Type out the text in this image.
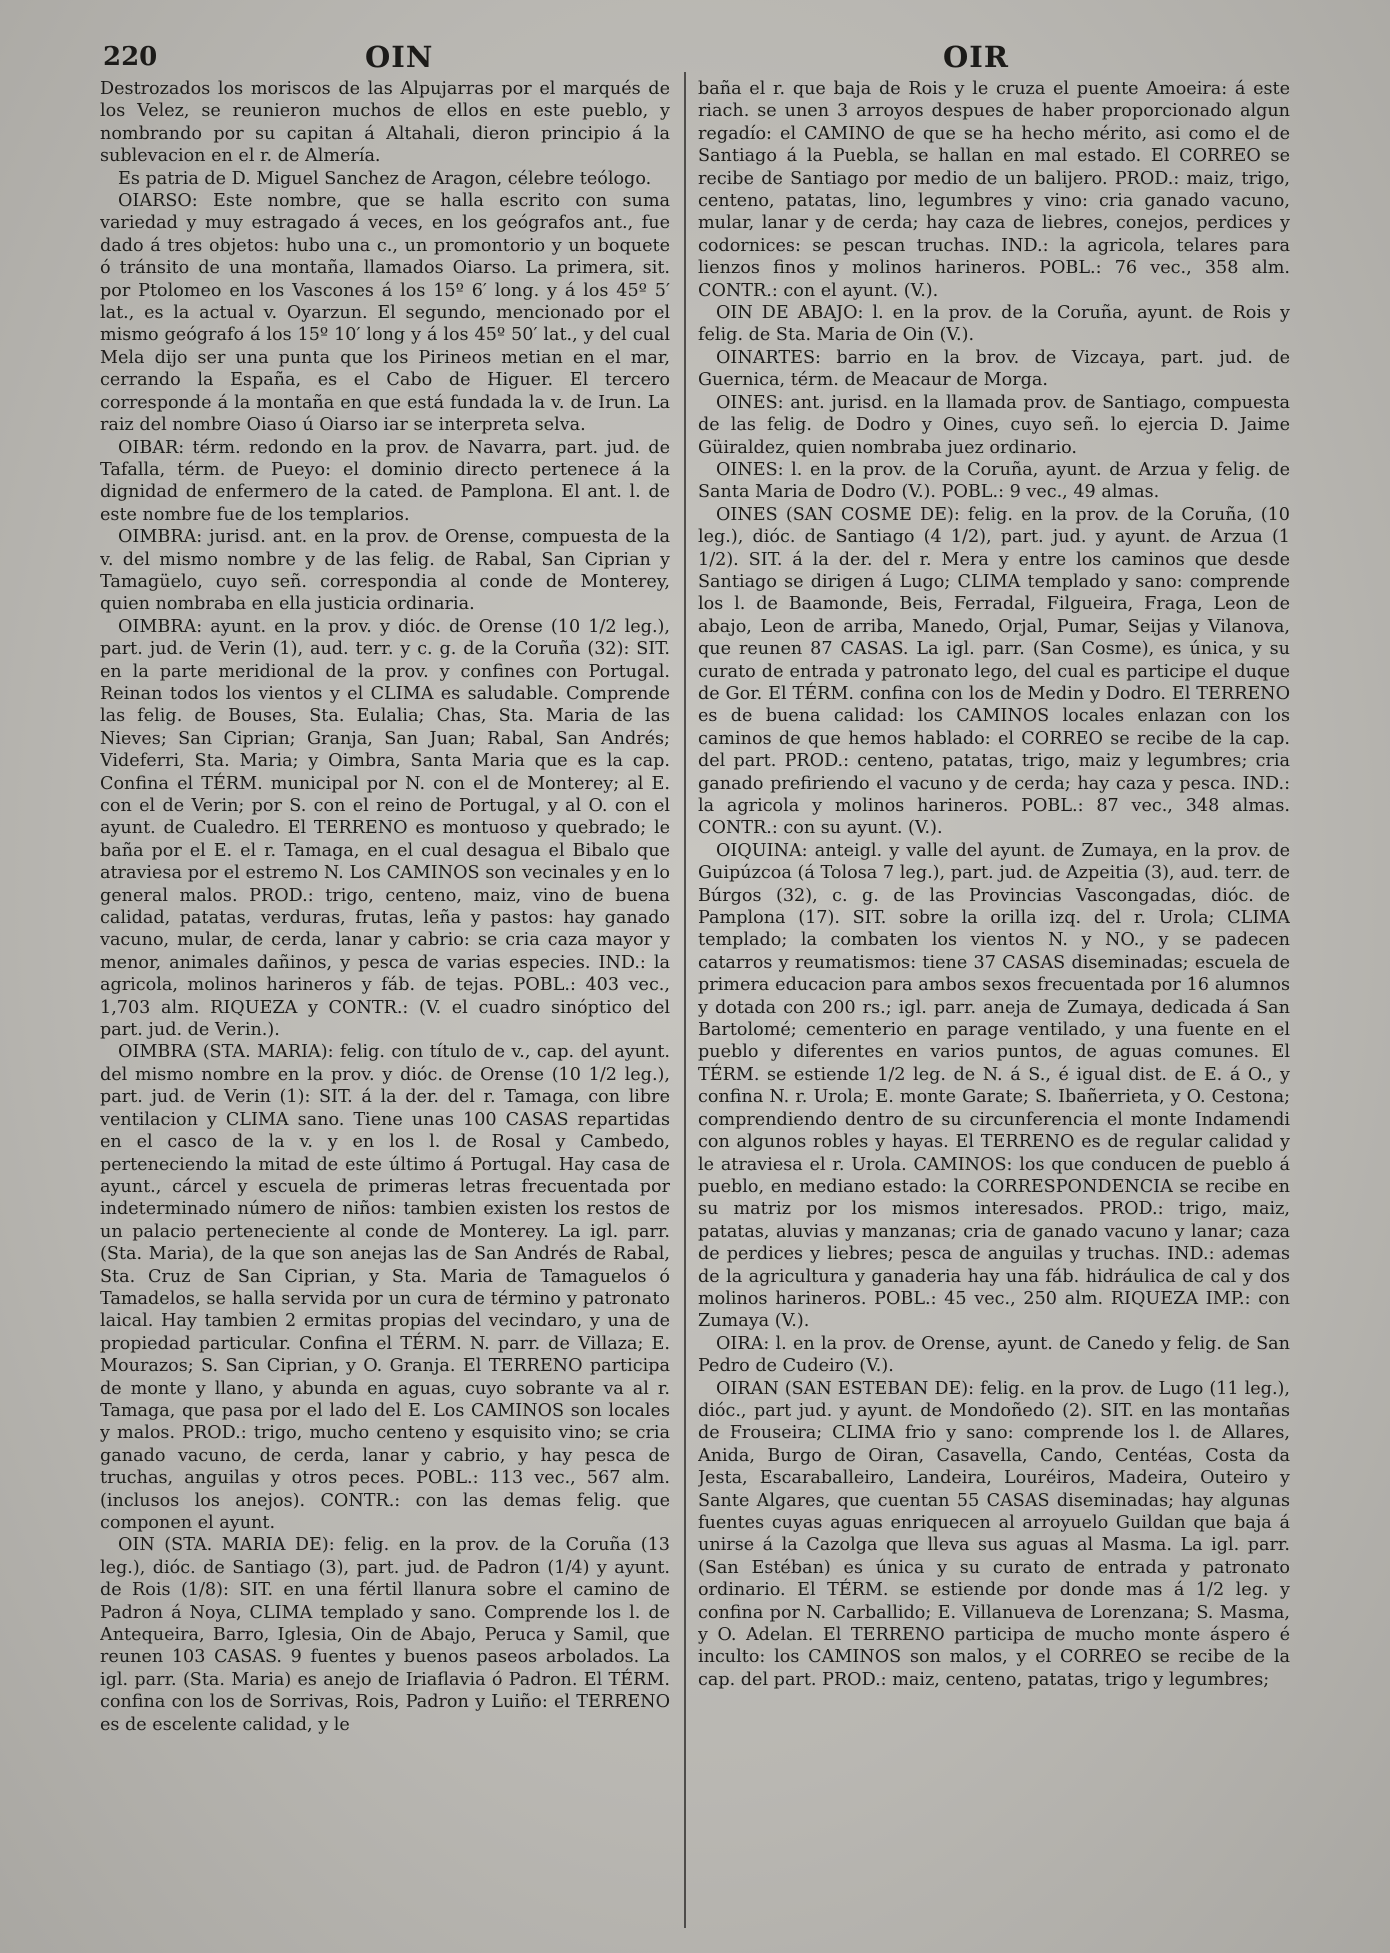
220	OIN	OIR

Destrozados los moriscos de las Alpujarras por el marqués de los Velez, se reunieron muchos de ellos en este pueblo, y nombrando por su capitan á Altahali, dieron principio á la sublevacion en el r. de Almería.

Es patria de D. Miguel Sanchez de Aragon, célebre teólogo.

OIARSO: Este nombre, que se halla escrito con suma variedad y muy estragado á veces, en los geógrafos ant., fue dado á tres objetos: hubo una c., un promontorio y un boquete ó tránsito de una montaña, llamados Oiarso. La primera, sit. por Ptolomeo en los Vascones á los 15º 6′ long. y á los 45º 5′ lat., es la actual v. Oyarzun. El segundo, mencionado por el mismo geógrafo á los 15º 10′ long y á los 45º 50′ lat., y del cual Mela dijo ser una punta que los Pirineos metian en el mar, cerrando la España, es el Cabo de Higuer. El tercero corresponde á la montaña en que está fundada la v. de Irun. La raiz del nombre Oiaso ú Oiarso iar se interpreta selva.

OIBAR: térm. redondo en la prov. de Navarra, part. jud. de Tafalla, térm. de Pueyo: el dominio directo pertenece á la dignidad de enfermero de la cated. de Pamplona. El ant. l. de este nombre fue de los templarios.

OIMBRA: jurisd. ant. en la prov. de Orense, compuesta de la v. del mismo nombre y de las felig. de Rabal, San Ciprian y Tamagüelo, cuyo señ. correspondia al conde de Monterey, quien nombraba en ella justicia ordinaria.

OIMBRA: ayunt. en la prov. y dióc. de Orense (10 1/2 leg.), part. jud. de Verin (1), aud. terr. y c. g. de la Coruña (32): SIT. en la parte meridional de la prov. y confines con Portugal. Reinan todos los vientos y el CLIMA es saludable. Comprende las felig. de Bouses, Sta. Eulalia; Chas, Sta. Maria de las Nieves; San Ciprian; Granja, San Juan; Rabal, San Andrés; Videferri, Sta. Maria; y Oimbra, Santa Maria que es la cap. Confina el TÉRM. municipal por N. con el de Monterey; al E. con el de Verin; por S. con el reino de Portugal, y al O. con el ayunt. de Cualedro. El TERRENO es montuoso y quebrado; le baña por el E. el r. Tamaga, en el cual desagua el Bibalo que atraviesa por el estremo N. Los CAMINOS son vecinales y en lo general malos. PROD.: trigo, centeno, maiz, vino de buena calidad, patatas, verduras, frutas, leña y pastos: hay ganado vacuno, mular, de cerda, lanar y cabrio: se cria caza mayor y menor, animales dañinos, y pesca de varias especies. IND.: la agricola, molinos harineros y fáb. de tejas. POBL.: 403 vec., 1,703 alm. RIQUEZA y CONTR.: (V. el cuadro sinóptico del part. jud. de Verin.).

OIMBRA (STA. MARIA): felig. con título de v., cap. del ayunt. del mismo nombre en la prov. y dióc. de Orense (10 1/2 leg.), part. jud. de Verin (1): SIT. á la der. del r. Tamaga, con libre ventilacion y CLIMA sano. Tiene unas 100 CASAS repartidas en el casco de la v. y en los l. de Rosal y Cambedo, perteneciendo la mitad de este último á Portugal. Hay casa de ayunt., cárcel y escuela de primeras letras frecuentada por indeterminado número de niños: tambien existen los restos de un palacio perteneciente al conde de Monterey. La igl. parr. (Sta. Maria), de la que son anejas las de San Andrés de Rabal, Sta. Cruz de San Ciprian, y Sta. Maria de Tamaguelos ó Tamadelos, se halla servida por un cura de término y patronato laical. Hay tambien 2 ermitas propias del vecindaro, y una de propiedad particular. Confina el TÉRM. N. parr. de Villaza; E. Mourazos; S. San Ciprian, y O. Granja. El TERRENO participa de monte y llano, y abunda en aguas, cuyo sobrante va al r. Tamaga, que pasa por el lado del E. Los CAMINOS son locales y malos. PROD.: trigo, mucho centeno y esquisito vino; se cria ganado vacuno, de cerda, lanar y cabrio, y hay pesca de truchas, anguilas y otros peces. POBL.: 113 vec., 567 alm. (inclusos los anejos). CONTR.: con las demas felig. que componen el ayunt.

OIN (STA. MARIA DE): felig. en la prov. de la Coruña (13 leg.), dióc. de Santiago (3), part. jud. de Padron (1/4) y ayunt. de Rois (1/8): SIT. en una fértil llanura sobre el camino de Padron á Noya, CLIMA templado y sano. Comprende los l. de Antequeira, Barro, Iglesia, Oin de Abajo, Peruca y Samil, que reunen 103 CASAS. 9 fuentes y buenos paseos arbolados. La igl. parr. (Sta. Maria) es anejo de Iriaflavia ó Padron. El TÉRM. confina con los de Sorrivas, Rois, Padron y Luiño: el TERRENO es de escelente calidad, y le

baña el r. que baja de Rois y le cruza el puente Amoeira: á este riach. se unen 3 arroyos despues de haber proporcionado algun regadío: el CAMINO de que se ha hecho mérito, asi como el de Santiago á la Puebla, se hallan en mal estado. El CORREO se recibe de Santiago por medio de un balijero. PROD.: maiz, trigo, centeno, patatas, lino, legumbres y vino: cria ganado vacuno, mular, lanar y de cerda; hay caza de liebres, conejos, perdices y codornices: se pescan truchas. IND.: la agricola, telares para lienzos finos y molinos harineros. POBL.: 76 vec., 358 alm. CONTR.: con el ayunt. (V.).

OIN DE ABAJO: l. en la prov. de la Coruña, ayunt. de Rois y felig. de Sta. Maria de Oin (V.).

OINARTES: barrio en la brov. de Vizcaya, part. jud. de Guernica, térm. de Meacaur de Morga.

OINES: ant. jurisd. en la llamada prov. de Santiago, compuesta de las felig. de Dodro y Oines, cuyo señ. lo ejercia D. Jaime Güiraldez, quien nombraba juez ordinario.

OINES: l. en la prov. de la Coruña, ayunt. de Arzua y felig. de Santa Maria de Dodro (V.). POBL.: 9 vec., 49 almas.

OINES (SAN COSME DE): felig. en la prov. de la Coruña, (10 leg.), dióc. de Santiago (4 1/2), part. jud. y ayunt. de Arzua (1 1/2). SIT. á la der. del r. Mera y entre los caminos que desde Santiago se dirigen á Lugo; CLIMA templado y sano: comprende los l. de Baamonde, Beis, Ferradal, Filgueira, Fraga, Leon de abajo, Leon de arriba, Manedo, Orjal, Pumar, Seijas y Vilanova, que reunen 87 CASAS. La igl. parr. (San Cosme), es única, y su curato de entrada y patronato lego, del cual es participe el duque de Gor. El TÉRM. confina con los de Medin y Dodro. El TERRENO es de buena calidad: los CAMINOS locales enlazan con los caminos de que hemos hablado: el CORREO se recibe de la cap. del part. PROD.: centeno, patatas, trigo, maiz y legumbres; cria ganado prefiriendo el vacuno y de cerda; hay caza y pesca. IND.: la agricola y molinos harineros. POBL.: 87 vec., 348 almas. CONTR.: con su ayunt. (V.).

OIQUINA: anteigl. y valle del ayunt. de Zumaya, en la prov. de Guipúzcoa (á Tolosa 7 leg.), part. jud. de Azpeitia (3), aud. terr. de Búrgos (32), c. g. de las Provincias Vascongadas, dióc. de Pamplona (17). SIT. sobre la orilla izq. del r. Urola; CLIMA templado; la combaten los vientos N. y NO., y se padecen catarros y reumatismos: tiene 37 CASAS diseminadas; escuela de primera educacion para ambos sexos frecuentada por 16 alumnos y dotada con 200 rs.; igl. parr. aneja de Zumaya, dedicada á San Bartolomé; cementerio en parage ventilado, y una fuente en el pueblo y diferentes en varios puntos, de aguas comunes. El TÉRM. se estiende 1/2 leg. de N. á S., é igual dist. de E. á O., y confina N. r. Urola; E. monte Garate; S. Ibañerrieta, y O. Cestona; comprendiendo dentro de su circunferencia el monte Indamendi con algunos robles y hayas. El TERRENO es de regular calidad y le atraviesa el r. Urola. CAMINOS: los que conducen de pueblo á pueblo, en mediano estado: la CORRESPONDENCIA se recibe en su matriz por los mismos interesados. PROD.: trigo, maiz, patatas, aluvias y manzanas; cria de ganado vacuno y lanar; caza de perdices y liebres; pesca de anguilas y truchas. IND.: ademas de la agricultura y ganaderia hay una fáb. hidráulica de cal y dos molinos harineros. POBL.: 45 vec., 250 alm. RIQUEZA IMP.: con Zumaya (V.).

OIRA: l. en la prov. de Orense, ayunt. de Canedo y felig. de San Pedro de Cudeiro (V.).

OIRAN (SAN ESTEBAN DE): felig. en la prov. de Lugo (11 leg.), dióc., part jud. y ayunt. de Mondoñedo (2). SIT. en las montañas de Frouseira; CLIMA frio y sano: comprende los l. de Allares, Anida, Burgo de Oiran, Casavella, Cando, Centéas, Costa da Jesta, Escaraballeiro, Landeira, Louréiros, Madeira, Outeiro y Sante Algares, que cuentan 55 CASAS diseminadas; hay algunas fuentes cuyas aguas enriquecen al arroyuelo Guildan que baja á unirse á la Cazolga que lleva sus aguas al Masma. La igl. parr. (San Estéban) es única y su curato de entrada y patronato ordinario. El TÉRM. se estiende por donde mas á 1/2 leg. y confina por N. Carballido; E. Villanueva de Lorenzana; S. Masma, y O. Adelan. El TERRENO participa de mucho monte áspero é inculto: los CAMINOS son malos, y el CORREO se recibe de la cap. del part. PROD.: maiz, centeno, patatas, trigo y legumbres;
